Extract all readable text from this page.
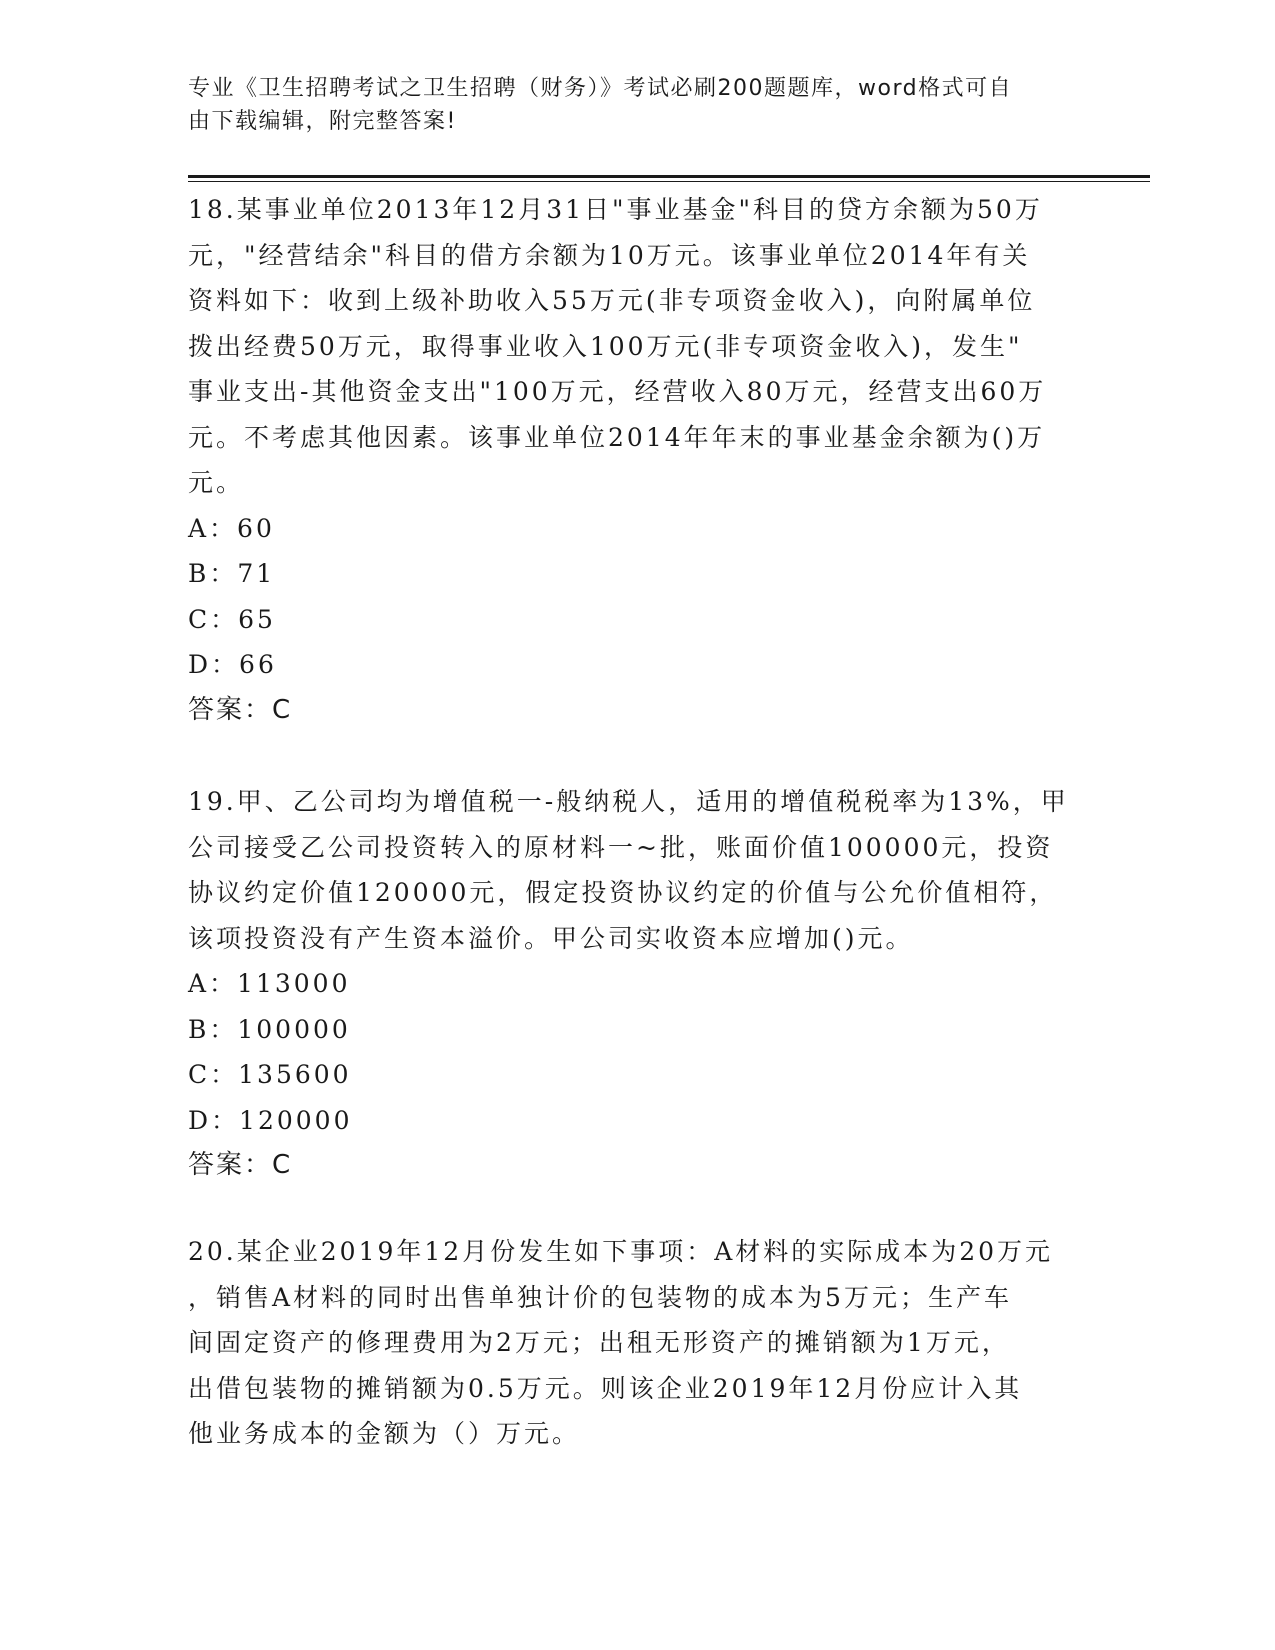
专业《卫生招聘考试之卫生招聘（财务）》考试必刷200题题库，word格式可自
由下载编辑，附完整答案!
18.某事业单位2013年12月31日"事业基金"科目的贷方余额为50万
元，"经营结余"科目的借方余额为10万元。该事业单位2014年有关
资料如下：收到上级补助收入55万元(非专项资金收入)，向附属单位
拨出经费50万元，取得事业收入100万元(非专项资金收入)，发生"
事业支出-其他资金支出"100万元，经营收入80万元，经营支出60万
元。不考虑其他因素。该事业单位2014年年末的事业基金余额为()万
元。
A：60
B：71
C：65
D：66
答案：C
19.甲、乙公司均为增值税一-般纳税人，适用的增值税税率为13%，甲
公司接受乙公司投资转入的原材料一~批，账面价值100000元，投资
协议约定价值120000元，假定投资协议约定的价值与公允价值相符，
该项投资没有产生资本溢价。甲公司实收资本应增加()元。
A：113000
B：100000
C：135600
D：120000
答案：C
20.某企业2019年12月份发生如下事项：A材料的实际成本为20万元
，销售A材料的同时出售单独计价的包装物的成本为5万元；生产车
间固定资产的修理费用为2万元；出租无形资产的摊销额为1万元，
出借包装物的摊销额为0.5万元。则该企业2019年12月份应计入其
他业务成本的金额为（）万元。
